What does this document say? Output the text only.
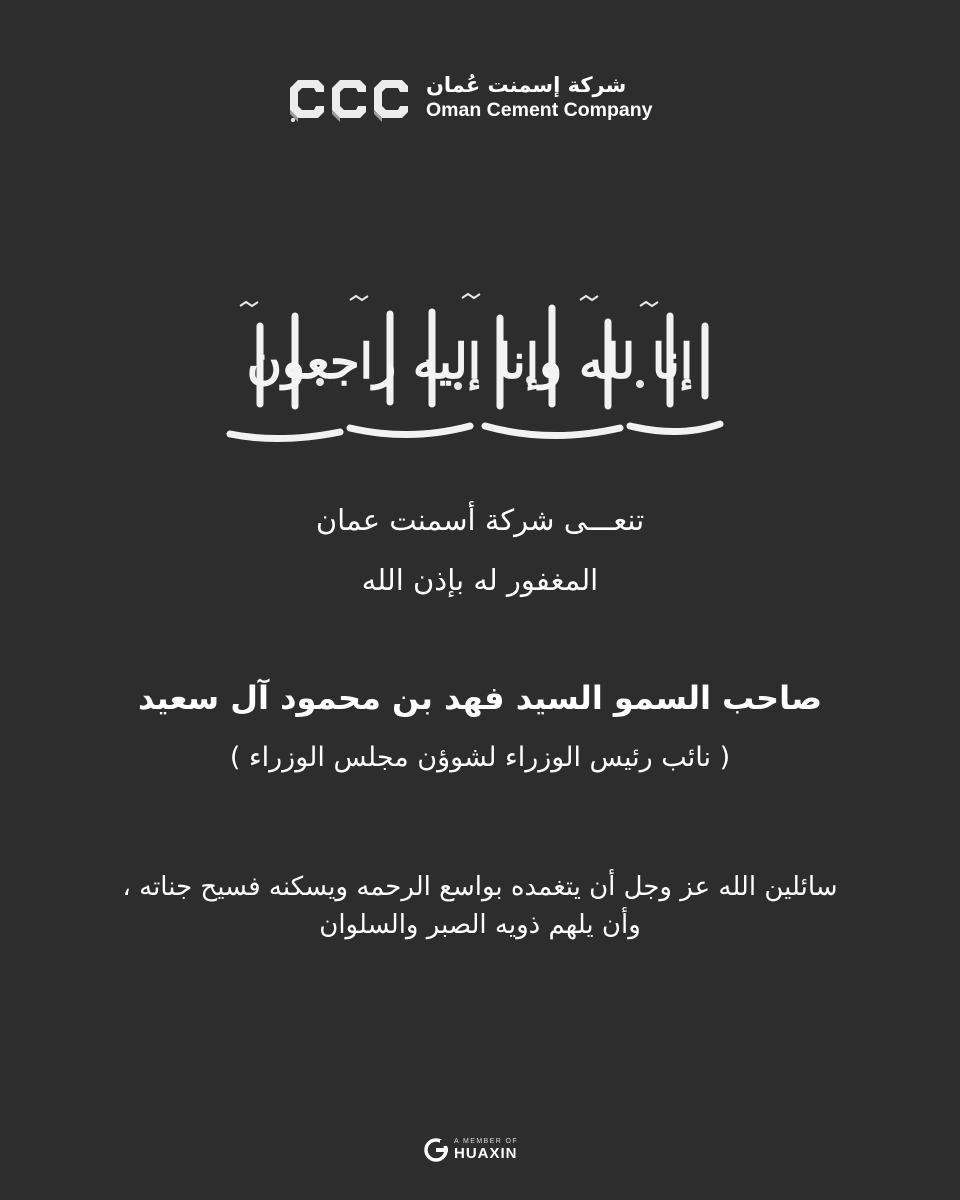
شركة إسمنت عُمان
Oman Cement Company
إنا لله وإنا إليه راجعون
تنعـــى شركة أسمنت عمان
المغفور له بإذن الله
صاحب السمو السيد فهد بن محمود آل سعيد
( نائب رئيس الوزراء لشوؤن مجلس الوزراء )
سائلين الله عز وجل أن يتغمده بواسع الرحمه ويسكنه فسيح جناته ، وأن يلهم ذويه الصبر والسلوان
A MEMBER OF
HUAXIN
